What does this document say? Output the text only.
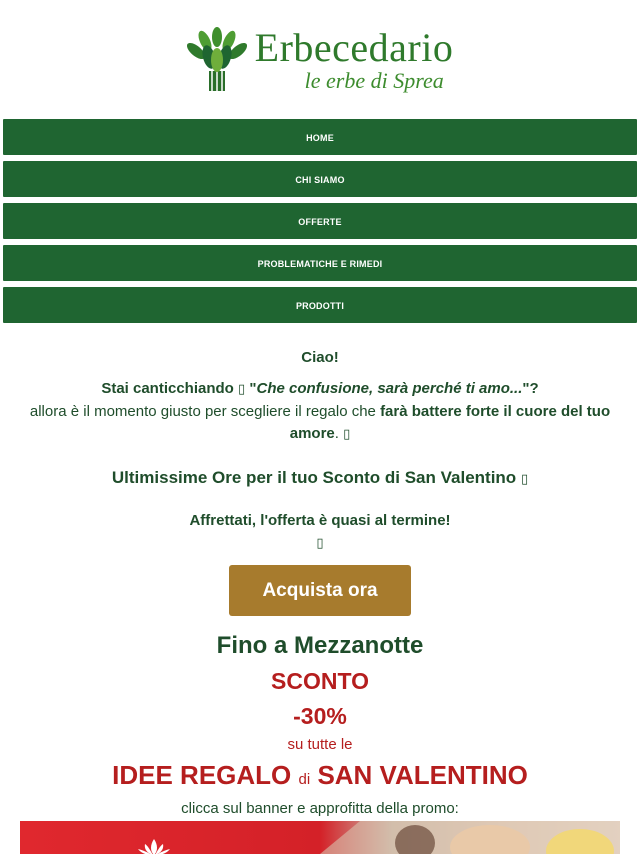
Erbecedario
le erbe di Sprea
HOME
CHI SIAMO
OFFERTE
PROBLEMATICHE E RIMEDI
PRODOTTI

Ciao!

Stai canticchiando ▯ "Che confusione, sarà perché ti amo..."?
allora è il momento giusto per scegliere il regalo che farà battere forte il cuore del tuo amore. ▯

Ultimissime Ore per il tuo Sconto di San Valentino ▯

Affrettati, l'offerta è quasi al termine!
▯

Acquista ora

Fino a Mezzanotte

SCONTO

-30%

su tutte le

IDEE REGALO di SAN VALENTINO

clicca sul banner e approfitta della promo:
